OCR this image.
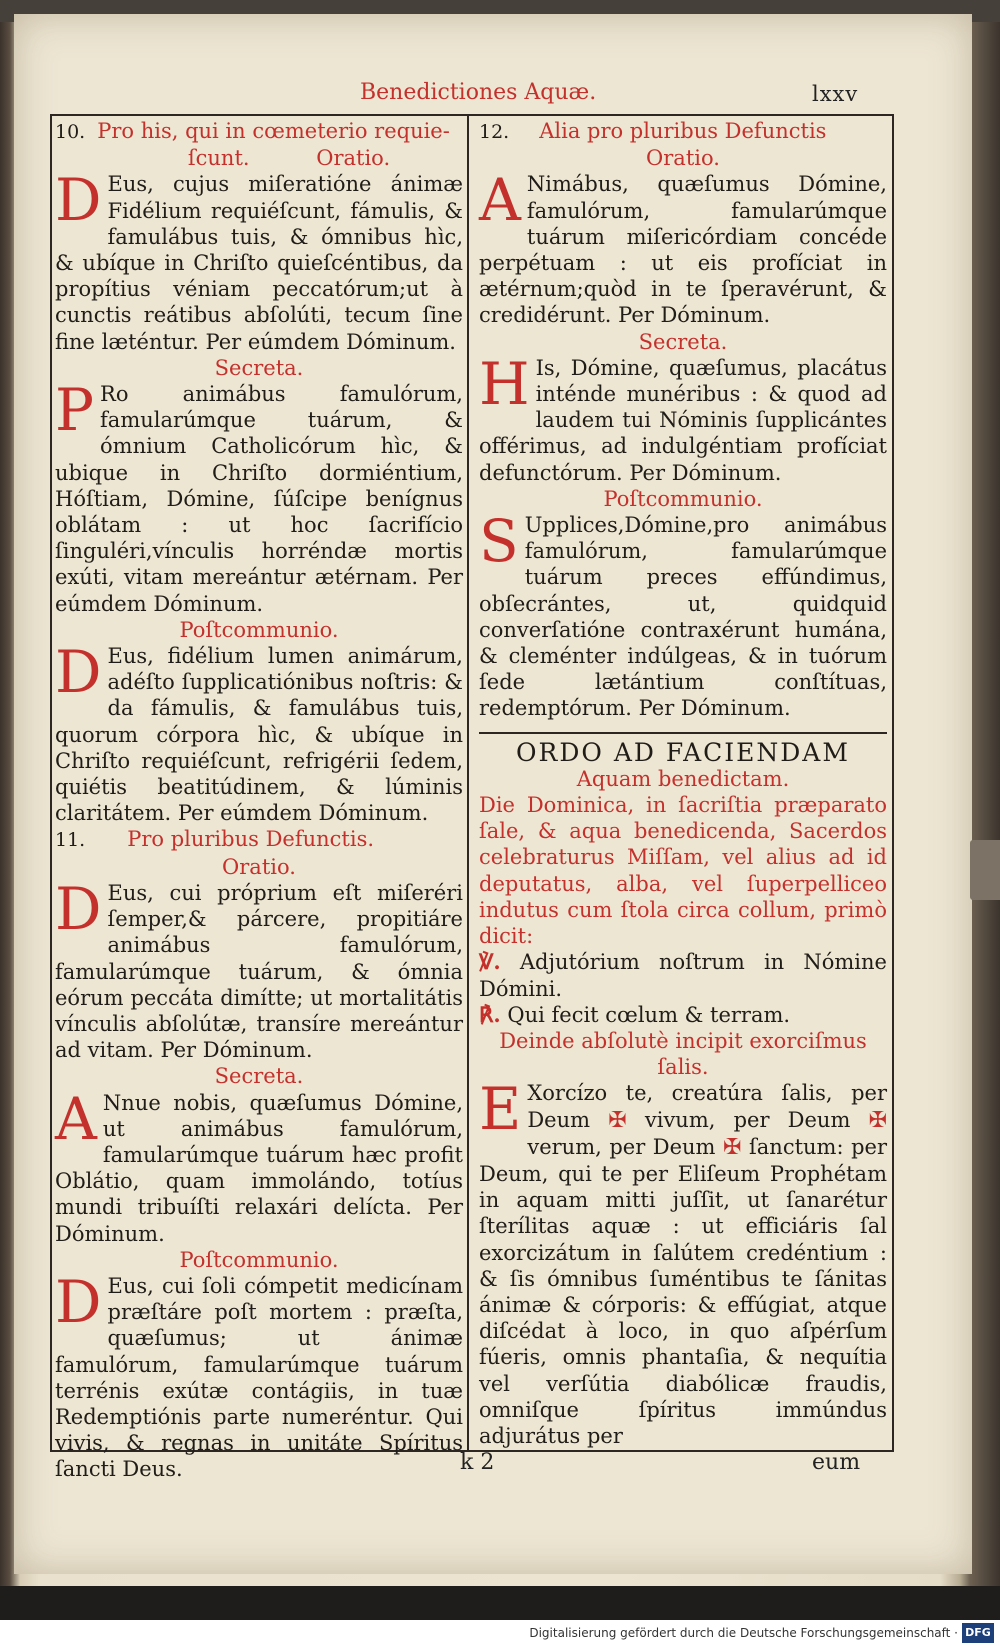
Benedictiones Aquæ.	lxxv
10. Pro his, qui in cœmeterio requie-
ſcunt.	Oratio.

D Eus, cujus miſeratióne ánimæ Fidélium requiéſcunt, fámulis, & famulábus tuis, & ómnibus hìc, & ubíque in Chriſto quieſcéntibus, da propítius véniam peccatórum;ut à cunctis reátibus abſolúti, tecum ſine fine læténtur. Per eúmdem Dóminum.

Secreta.

P Ro animábus famulórum, famularúmque tuárum, & ómnium Catholicórum hìc, & ubique in Chriſto dormiéntium, Hóſtiam, Dómine, ſúſcipe benígnus oblátam : ut hoc ſacrifício ſinguléri,vínculis horréndæ mortis exúti, vitam mereántur ætérnam. Per eúmdem Dóminum.

Poſtcommunio.

D Eus, fidélium lumen animárum, adéſto ſupplicatiónibus noſtris: & da fámulis, & famulábus tuis, quorum córpora hìc, & ubíque in Chriſto requiéſcunt, refrigérii ſedem, quiétis beatitúdinem, & lúminis claritátem. Per eúmdem Dóminum.

11. Pro pluribus Defunctis.
Oratio.

D Eus, cui próprium eſt miſeréri ſemper,& párcere, propitiáre animábus famulórum, famularúmque tuárum, & ómnia eórum peccáta dimítte; ut mortalitátis vínculis abſolútæ, transíre mereántur ad vitam. Per Dóminum.

Secreta.

A Nnue nobis, quæſumus Dómine, ut animábus famulórum, famularúmque tuárum hæc profit Oblátio, quam immolándo, totíus mundi tribuíſti relaxári delícta. Per Dóminum.

Poſtcommunio.

D Eus, cui ſoli cómpetit medicínam præſtáre poſt mortem : præſta, quæſumus; ut ánimæ famulórum, famularúmque tuárum terrénis exútæ contágiis, in tuæ Redemptiónis parte numeréntur. Qui vivis, & regnas in unitáte Spíritus ſancti Deus.

12. Alia pro pluribus Defunctis
Oratio.

A Nimábus, quæſumus Dómine, famulórum, famularúmque tuárum miſericórdiam concéde perpétuam : ut eis profíciat in ætérnum;quòd in te ſperavérunt, & credidérunt. Per Dóminum.

Secreta.

H Is, Dómine, quæſumus, placátus inténde munéribus : & quod ad laudem tui Nóminis ſupplicántes offérimus, ad indulgéntiam profíciat defunctórum. Per Dóminum.

Poſtcommunio.

S Upplices,Dómine,pro animábus famulórum, famularúmque tuárum preces effúndimus, obſecrántes, ut, quidquid converſatióne contraxérunt humána, & cleménter indúlgeas, & in tuórum ſede lætántium conſtítuas, redemptórum. Per Dóminum.

ORDO AD FACIENDAM
Aquam benedictam.

Die Dominica, in ſacriſtia præparato ſale, & aqua benedicenda, Sacerdos celebraturus Miſſam, vel alius ad id deputatus, alba, vel ſuperpelliceo indutus cum ſtola circa collum, primò dicit:

℣. Adjutórium noſtrum in Nómine Dómini.

℟. Qui fecit cœlum & terram.

Deinde abſolutè incipit exorciſmus ſalis.

E Xorcízo te, creatúra ſalis, per Deum ✠ vivum, per Deum ✠ verum, per Deum ✠ ſanctum: per Deum, qui te per Eliſeum Prophétam in aquam mitti juſſit, ut ſanarétur ſterílitas aquæ : ut efficiáris ſal exorcizátum in ſalútem credéntium : & ſis ómnibus ſuméntibus te ſánitas ánimæ & córporis: & effúgiat, atque diſcédat à loco, in quo aſpérſum fúeris, omnis phantaſia, & nequítia vel verſútia diabólicæ fraudis, omniſque ſpíritus immúndus adjurátus per

k 2	eum
Digitalisierung gefördert durch die Deutsche Forschungsgemeinschaft · DFG
